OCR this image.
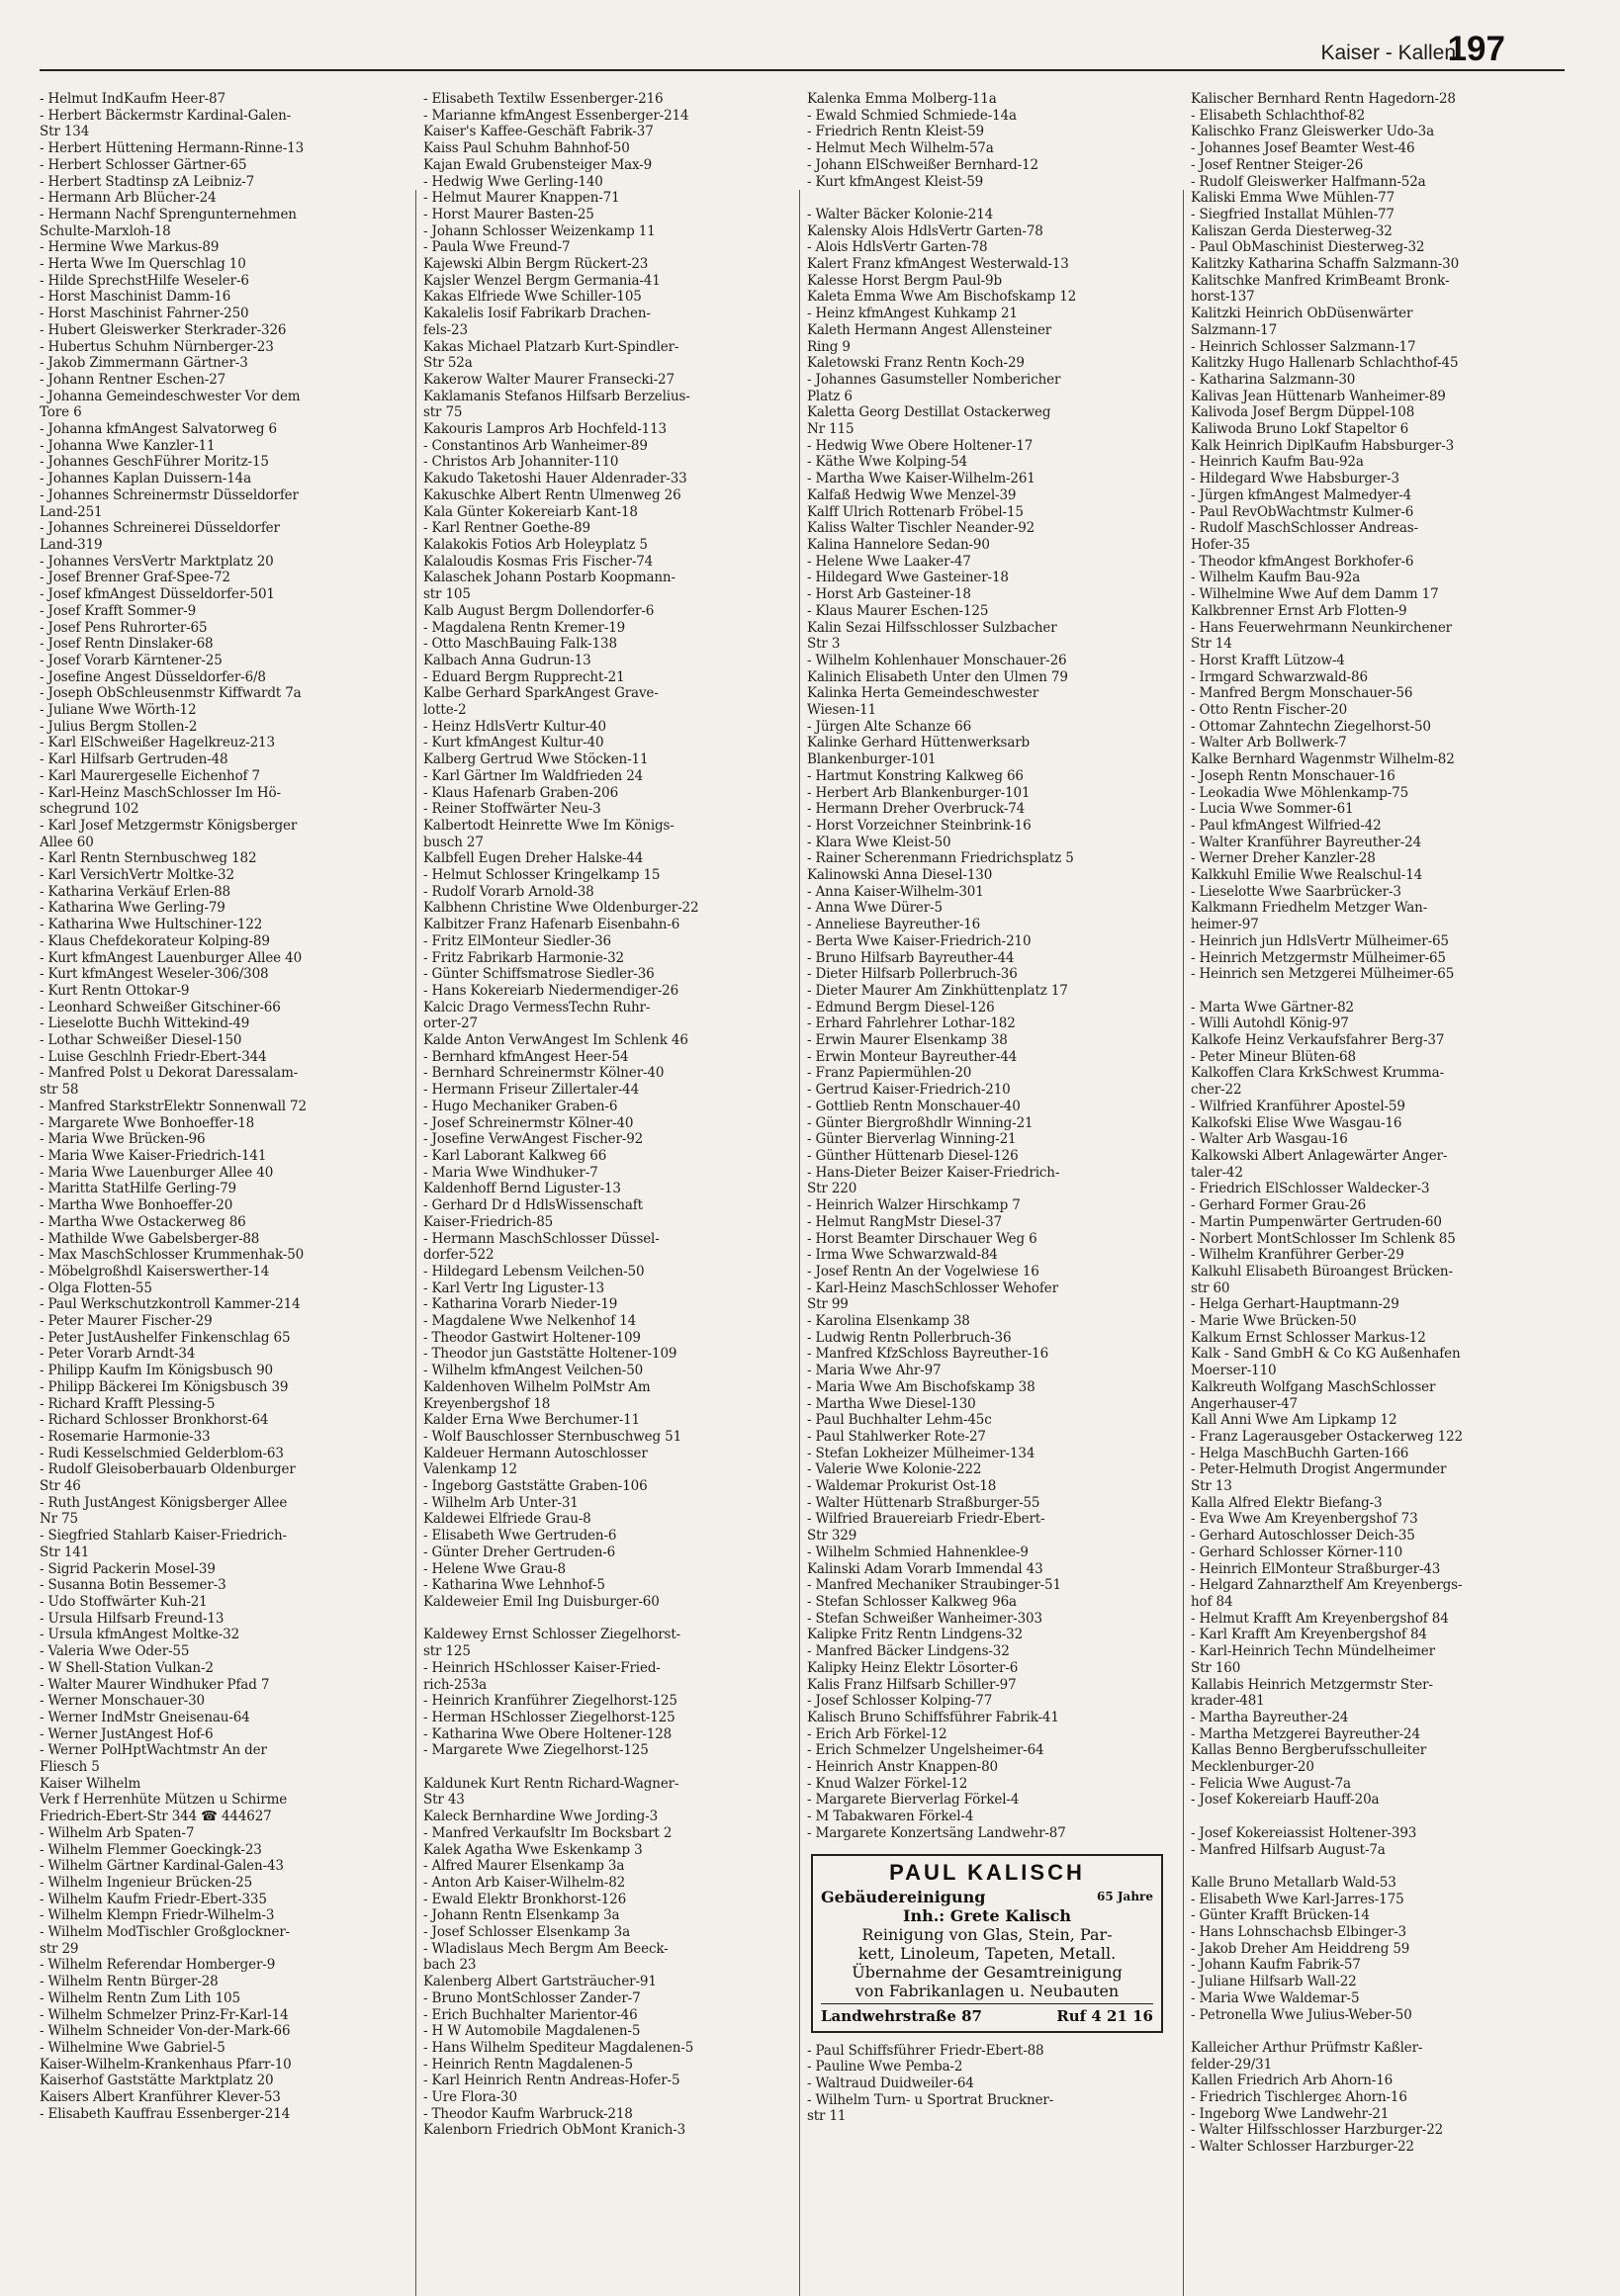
Kaiser - Kallen
197
- Helmut IndKaufm Heer-87
- Herbert Bäckermstr Kardinal-Galen-
Str 134
- Herbert Hüttening Hermann-Rinne-13
- Herbert Schlosser Gärtner-65
- Herbert Stadtinsp zA Leibniz-7
- Hermann Arb Blücher-24
- Hermann Nachf Sprengunternehmen
Schulte-Marxloh-18
- Hermine Wwe Markus-89
- Herta Wwe Im Querschlag 10
- Hilde SprechstHilfe Weseler-6
- Horst Maschinist Damm-16
- Horst Maschinist Fahrner-250
- Hubert Gleiswerker Sterkrader-326
- Hubertus Schuhm Nürnberger-23
- Jakob Zimmermann Gärtner-3
- Johann Rentner Eschen-27
- Johanna Gemeindeschwester Vor dem
Tore 6
- Johanna kfmAngest Salvatorweg 6
- Johanna Wwe Kanzler-11
- Johannes GeschFührer Moritz-15
- Johannes Kaplan Duissern-14a
- Johannes Schreinermstr Düsseldorfer
Land-251
- Johannes Schreinerei Düsseldorfer
Land-319
- Johannes VersVertr Marktplatz 20
- Josef Brenner Graf-Spee-72
- Josef kfmAngest Düsseldorfer-501
- Josef Krafft Sommer-9
- Josef Pens Ruhrorter-65
- Josef Rentn Dinslaker-68
- Josef Vorarb Kärntener-25
- Josefine Angest Düsseldorfer-6/8
- Joseph ObSchleusenmstr Kiffwardt 7a
- Juliane Wwe Wörth-12
- Julius Bergm Stollen-2
- Karl ElSchweißer Hagelkreuz-213
- Karl Hilfsarb Gertruden-48
- Karl Maurergeselle Eichenhof 7
- Karl-Heinz MaschSchlosser Im Hö-
schegrund 102
- Karl Josef Metzgermstr Königsberger
Allee 60
- Karl Rentn Sternbuschweg 182
- Karl VersichVertr Moltke-32
- Katharina Verkäuf Erlen-88
- Katharina Wwe Gerling-79
- Katharina Wwe Hultschiner-122
- Klaus Chefdekorateur Kolping-89
- Kurt kfmAngest Lauenburger Allee 40
- Kurt kfmAngest Weseler-306/308
- Kurt Rentn Ottokar-9
- Leonhard Schweißer Gitschiner-66
- Lieselotte Buchh Wittekind-49
- Lothar Schweißer Diesel-150
- Luise Geschlnh Friedr-Ebert-344
- Manfred Polst u Dekorat Daressalam-
str 58
- Manfred StarkstrElektr Sonnenwall 72
- Margarete Wwe Bonhoeffer-18
- Maria Wwe Brücken-96
- Maria Wwe Kaiser-Friedrich-141
- Maria Wwe Lauenburger Allee 40
- Maritta StatHilfe Gerling-79
- Martha Wwe Bonhoeffer-20
- Martha Wwe Ostackerweg 86
- Mathilde Wwe Gabelsberger-88
- Max MaschSchlosser Krummenhak-50
- Möbelgroßhdl Kaiserswerther-14
- Olga Flotten-55
- Paul Werkschutzkontroll Kammer-214
- Peter Maurer Fischer-29
- Peter JustAushelfer Finkenschlag 65
- Peter Vorarb Arndt-34
- Philipp Kaufm Im Königsbusch 90
- Philipp Bäckerei Im Königsbusch 39
- Richard Krafft Plessing-5
- Richard Schlosser Bronkhorst-64
- Rosemarie Harmonie-33
- Rudi Kesselschmied Gelderblom-63
- Rudolf Gleisoberbauarb Oldenburger
Str 46
- Ruth JustAngest Königsberger Allee
Nr 75
- Siegfried Stahlarb Kaiser-Friedrich-
Str 141
- Sigrid Packerin Mosel-39
- Susanna Botin Bessemer-3
- Udo Stoffwärter Kuh-21
- Ursula Hilfsarb Freund-13
- Ursula kfmAngest Moltke-32
- Valeria Wwe Oder-55
- W Shell-Station Vulkan-2
- Walter Maurer Windhuker Pfad 7
- Werner Monschauer-30
- Werner IndMstr Gneisenau-64
- Werner JustAngest Hof-6
- Werner PolHptWachtmstr An der
Fliesch 5
Kaiser Wilhelm
Verk f Herrenhüte Mützen u Schirme
Friedrich-Ebert-Str 344 ☎ 444627
- Wilhelm Arb Spaten-7
- Wilhelm Flemmer Goeckingk-23
- Wilhelm Gärtner Kardinal-Galen-43
- Wilhelm Ingenieur Brücken-25
- Wilhelm Kaufm Friedr-Ebert-335
- Wilhelm Klempn Friedr-Wilhelm-3
- Wilhelm ModTischler Großglockner-
str 29
- Wilhelm Referendar Homberger-9
- Wilhelm Rentn Bürger-28
- Wilhelm Rentn Zum Lith 105
- Wilhelm Schmelzer Prinz-Fr-Karl-14
- Wilhelm Schneider Von-der-Mark-66
- Wilhelmine Wwe Gabriel-5
Kaiser-Wilhelm-Krankenhaus Pfarr-10
Kaiserhof Gaststätte Marktplatz 20
Kaisers Albert Kranführer Klever-53
- Elisabeth Kauffrau Essenberger-214
- Elisabeth Textilw Essenberger-216
- Marianne kfmAngest Essenberger-214
Kaiser's Kaffee-Geschäft Fabrik-37
Kaiss Paul Schuhm Bahnhof-50
Kajan Ewald Grubensteiger Max-9
- Hedwig Wwe Gerling-140
- Helmut Maurer Knappen-71
- Horst Maurer Basten-25
- Johann Schlosser Weizenkamp 11
- Paula Wwe Freund-7
Kajewski Albin Bergm Rückert-23
Kajsler Wenzel Bergm Germania-41
Kakas Elfriede Wwe Schiller-105
Kakalelis Iosif Fabrikarb Drachen-
fels-23
Kakas Michael Platzarb Kurt-Spindler-
Str 52a
Kakerow Walter Maurer Fransecki-27
Kaklamanis Stefanos Hilfsarb Berzelius-
str 75
Kakouris Lampros Arb Hochfeld-113
- Constantinos Arb Wanheimer-89
- Christos Arb Johanniter-110
Kakudo Taketoshi Hauer Aldenrader-33
Kakuschke Albert Rentn Ulmenweg 26
Kala Günter Kokereiarb Kant-18
- Karl Rentner Goethe-89
Kalakokis Fotios Arb Holeyplatz 5
Kalaloudis Kosmas Fris Fischer-74
Kalaschek Johann Postarb Koopmann-
str 105
Kalb August Bergm Dollendorfer-6
- Magdalena Rentn Kremer-19
- Otto MaschBauing Falk-138
Kalbach Anna Gudrun-13
- Eduard Bergm Rupprecht-21
Kalbe Gerhard SparkAngest Grave-
lotte-2
- Heinz HdlsVertr Kultur-40
- Kurt kfmAngest Kultur-40
Kalberg Gertrud Wwe Stöcken-11
- Karl Gärtner Im Waldfrieden 24
- Klaus Hafenarb Graben-206
- Reiner Stoffwärter Neu-3
Kalbertodt Heinrette Wwe Im Königs-
busch 27
Kalbfell Eugen Dreher Halske-44
- Helmut Schlosser Kringelkamp 15
- Rudolf Vorarb Arnold-38
Kalbhenn Christine Wwe Oldenburger-22
Kalbitzer Franz Hafenarb Eisenbahn-6
- Fritz ElMonteur Siedler-36
- Fritz Fabrikarb Harmonie-32
- Günter Schiffsmatrose Siedler-36
- Hans Kokereiarb Niedermendiger-26
Kalcic Drago VermessTechn Ruhr-
orter-27
Kalde Anton VerwAngest Im Schlenk 46
- Bernhard kfmAngest Heer-54
- Bernhard Schreinermstr Kölner-40
- Hermann Friseur Zillertaler-44
- Hugo Mechaniker Graben-6
- Josef Schreinermstr Kölner-40
- Josefine VerwAngest Fischer-92
- Karl Laborant Kalkweg 66
- Maria Wwe Windhuker-7
Kaldenhoff Bernd Liguster-13
- Gerhard Dr d HdlsWissenschaft
Kaiser-Friedrich-85
- Hermann MaschSchlosser Düssel-
dorfer-522
- Hildegard Lebensm Veilchen-50
- Karl Vertr Ing Liguster-13
- Katharina Vorarb Nieder-19
- Magdalene Wwe Nelkenhof 14
- Theodor Gastwirt Holtener-109
- Theodor jun Gaststätte Holtener-109
- Wilhelm kfmAngest Veilchen-50
Kaldenhoven Wilhelm PolMstr Am
Kreyenbergshof 18
Kalder Erna Wwe Berchumer-11
- Wolf Bauschlosser Sternbuschweg 51
Kaldeuer Hermann Autoschlosser
Valenkamp 12
- Ingeborg Gaststätte Graben-106
- Wilhelm Arb Unter-31
Kaldewei Elfriede Grau-8
- Elisabeth Wwe Gertruden-6
- Günter Dreher Gertruden-6
- Helene Wwe Grau-8
- Katharina Wwe Lehnhof-5
Kaldeweier Emil Ing Duisburger-60

Kaldewey Ernst Schlosser Ziegelhorst-
str 125
- Heinrich HSchlosser Kaiser-Fried-
rich-253a
- Heinrich Kranführer Ziegelhorst-125
- Herman HSchlosser Ziegelhorst-125
- Katharina Wwe Obere Holtener-128
- Margarete Wwe Ziegelhorst-125

Kaldunek Kurt Rentn Richard-Wagner-
Str 43
Kaleck Bernhardine Wwe Jording-3
- Manfred Verkaufsltr Im Bocksbart 2
Kalek Agatha Wwe Eskenkamp 3
- Alfred Maurer Elsenkamp 3a
- Anton Arb Kaiser-Wilhelm-82
- Ewald Elektr Bronkhorst-126
- Johann Rentn Elsenkamp 3a
- Josef Schlosser Elsenkamp 3a
- Wladislaus Mech Bergm Am Beeck-
bach 23
Kalenberg Albert Gartsträucher-91
- Bruno MontSchlosser Zander-7
- Erich Buchhalter Marientor-46
- H W Automobile Magdalenen-5
- Hans Wilhelm Spediteur Magdalenen-5
- Heinrich Rentn Magdalenen-5
- Karl Heinrich Rentn Andreas-Hofer-5
- Ure Flora-30
- Theodor Kaufm Warbruck-218
Kalenborn Friedrich ObMont Kranich-3
Kalenka Emma Molberg-11a
- Ewald Schmied Schmiede-14a
- Friedrich Rentn Kleist-59
- Helmut Mech Wilhelm-57a
- Johann ElSchweißer Bernhard-12
- Kurt kfmAngest Kleist-59

- Walter Bäcker Kolonie-214
Kalensky Alois HdlsVertr Garten-78
- Alois HdlsVertr Garten-78
Kalert Franz kfmAngest Westerwald-13
Kalesse Horst Bergm Paul-9b
Kaleta Emma Wwe Am Bischofskamp 12
- Heinz kfmAngest Kuhkamp 21
Kaleth Hermann Angest Allensteiner
Ring 9
Kaletowski Franz Rentn Koch-29
- Johannes Gasumsteller Nombericher
Platz 6
Kaletta Georg Destillat Ostackerweg
Nr 115
- Hedwig Wwe Obere Holtener-17
- Käthe Wwe Kolping-54
- Martha Wwe Kaiser-Wilhelm-261
Kalfaß Hedwig Wwe Menzel-39
Kalff Ulrich Rottenarb Fröbel-15
Kaliss Walter Tischler Neander-92
Kalina Hannelore Sedan-90
- Helene Wwe Laaker-47
- Hildegard Wwe Gasteiner-18
- Horst Arb Gasteiner-18
- Klaus Maurer Eschen-125
Kalin Sezai Hilfsschlosser Sulzbacher
Str 3
- Wilhelm Kohlenhauer Monschauer-26
Kalinich Elisabeth Unter den Ulmen 79
Kalinka Herta Gemeindeschwester
Wiesen-11
- Jürgen Alte Schanze 66
Kalinke Gerhard Hüttenwerksarb
Blankenburger-101
- Hartmut Konstring Kalkweg 66
- Herbert Arb Blankenburger-101
- Hermann Dreher Overbruck-74
- Horst Vorzeichner Steinbrink-16
- Klara Wwe Kleist-50
- Rainer Scherenmann Friedrichsplatz 5
Kalinowski Anna Diesel-130
- Anna Kaiser-Wilhelm-301
- Anna Wwe Dürer-5
- Anneliese Bayreuther-16
- Berta Wwe Kaiser-Friedrich-210
- Bruno Hilfsarb Bayreuther-44
- Dieter Hilfsarb Pollerbruch-36
- Dieter Maurer Am Zinkhüttenplatz 17
- Edmund Bergm Diesel-126
- Erhard Fahrlehrer Lothar-182
- Erwin Maurer Elsenkamp 38
- Erwin Monteur Bayreuther-44
- Franz Papiermühlen-20
- Gertrud Kaiser-Friedrich-210
- Gottlieb Rentn Monschauer-40
- Günter Biergroßhdlr Winning-21
- Günter Bierverlag Winning-21
- Günther Hüttenarb Diesel-126
- Hans-Dieter Beizer Kaiser-Friedrich-
Str 220
- Heinrich Walzer Hirschkamp 7
- Helmut RangMstr Diesel-37
- Horst Beamter Dirschauer Weg 6
- Irma Wwe Schwarzwald-84
- Josef Rentn An der Vogelwiese 16
- Karl-Heinz MaschSchlosser Wehofer
Str 99
- Karolina Elsenkamp 38
- Ludwig Rentn Pollerbruch-36
- Manfred KfzSchloss Bayreuther-16
- Maria Wwe Ahr-97
- Maria Wwe Am Bischofskamp 38
- Martha Wwe Diesel-130
- Paul Buchhalter Lehm-45c
- Paul Stahlwerker Rote-27
- Stefan Lokheizer Mülheimer-134
- Valerie Wwe Kolonie-222
- Waldemar Prokurist Ost-18
- Walter Hüttenarb Straßburger-55
- Wilfried Brauereiarb Friedr-Ebert-
Str 329
- Wilhelm Schmied Hahnenklee-9
Kalinski Adam Vorarb Immendal 43
- Manfred Mechaniker Straubinger-51
- Stefan Schlosser Kalkweg 96a
- Stefan Schweißer Wanheimer-303
Kalipke Fritz Rentn Lindgens-32
- Manfred Bäcker Lindgens-32
Kalipky Heinz Elektr Lösorter-6
Kalis Franz Hilfsarb Schiller-97
- Josef Schlosser Kolping-77
Kalisch Bruno Schiffsführer Fabrik-41
- Erich Arb Förkel-12
- Erich Schmelzer Ungelsheimer-64
- Heinrich Anstr Knappen-80
- Knud Walzer Förkel-12
- Margarete Bierverlag Förkel-4
- M Tabakwaren Förkel-4
- Margarete Konzertsäng Landwehr-87
PAUL KALISCH
Gebäudereinigung	65 Jahre
Inh.: Grete Kalisch
Reinigung von Glas, Stein, Par-
kett, Linoleum, Tapeten, Metall.
Übernahme der Gesamtreinigung
von Fabrikanlagen u. Neubauten
Landwehrstraße 87	Ruf 4 21 16
- Paul Schiffsführer Friedr-Ebert-88
- Pauline Wwe Pemba-2
- Waltraud Duidweiler-64
- Wilhelm Turn- u Sportrat Bruckner-
str 11
Kalischer Bernhard Rentn Hagedorn-28
- Elisabeth Schlachthof-82
Kalischko Franz Gleiswerker Udo-3a
- Johannes Josef Beamter West-46
- Josef Rentner Steiger-26
- Rudolf Gleiswerker Halfmann-52a
Kaliski Emma Wwe Mühlen-77
- Siegfried Installat Mühlen-77
Kaliszan Gerda Diesterweg-32
- Paul ObMaschinist Diesterweg-32
Kalitzky Katharina Schaffn Salzmann-30
Kalitschke Manfred KrimBeamt Bronk-
horst-137
Kalitzki Heinrich ObDüsenwärter
Salzmann-17
- Heinrich Schlosser Salzmann-17
Kalitzky Hugo Hallenarb Schlachthof-45
- Katharina Salzmann-30
Kalivas Jean Hüttenarb Wanheimer-89
Kalivoda Josef Bergm Düppel-108
Kaliwoda Bruno Lokf Stapeltor 6
Kalk Heinrich DiplKaufm Habsburger-3
- Heinrich Kaufm Bau-92a
- Hildegard Wwe Habsburger-3
- Jürgen kfmAngest Malmedyer-4
- Paul RevObWachtmstr Kulmer-6
- Rudolf MaschSchlosser Andreas-
Hofer-35
- Theodor kfmAngest Borkhofer-6
- Wilhelm Kaufm Bau-92a
- Wilhelmine Wwe Auf dem Damm 17
Kalkbrenner Ernst Arb Flotten-9
- Hans Feuerwehrmann Neunkirchener
Str 14
- Horst Krafft Lützow-4
- Irmgard Schwarzwald-86
- Manfred Bergm Monschauer-56
- Otto Rentn Fischer-20
- Ottomar Zahntechn Ziegelhorst-50
- Walter Arb Bollwerk-7
Kalke Bernhard Wagenmstr Wilhelm-82
- Joseph Rentn Monschauer-16
- Leokadia Wwe Möhlenkamp-75
- Lucia Wwe Sommer-61
- Paul kfmAngest Wilfried-42
- Walter Kranführer Bayreuther-24
- Werner Dreher Kanzler-28
Kalkkuhl Emilie Wwe Realschul-14
- Lieselotte Wwe Saarbrücker-3
Kalkmann Friedhelm Metzger Wan-
heimer-97
- Heinrich jun HdlsVertr Mülheimer-65
- Heinrich Metzgermstr Mülheimer-65
- Heinrich sen Metzgerei Mülheimer-65

- Marta Wwe Gärtner-82
- Willi Autohdl König-97
Kalkofe Heinz Verkaufsfahrer Berg-37
- Peter Mineur Blüten-68
Kalkoffen Clara KrkSchwest Krumma-
cher-22
- Wilfried Kranführer Apostel-59
Kalkofski Elise Wwe Wasgau-16
- Walter Arb Wasgau-16
Kalkowski Albert Anlagewärter Anger-
taler-42
- Friedrich ElSchlosser Waldecker-3
- Gerhard Former Grau-26
- Martin Pumpenwärter Gertruden-60
- Norbert MontSchlosser Im Schlenk 85
- Wilhelm Kranführer Gerber-29
Kalkuhl Elisabeth Büroangest Brücken-
str 60
- Helga Gerhart-Hauptmann-29
- Marie Wwe Brücken-50
Kalkum Ernst Schlosser Markus-12
Kalk - Sand GmbH & Co KG Außenhafen
Moerser-110
Kalkreuth Wolfgang MaschSchlosser
Angerhauser-47
Kall Anni Wwe Am Lipkamp 12
- Franz Lagerausgeber Ostackerweg 122
- Helga MaschBuchh Garten-166
- Peter-Helmuth Drogist Angermunder
Str 13
Kalla Alfred Elektr Biefang-3
- Eva Wwe Am Kreyenbergshof 73
- Gerhard Autoschlosser Deich-35
- Gerhard Schlosser Körner-110
- Heinrich ElMonteur Straßburger-43
- Helgard Zahnarzthelf Am Kreyenbergs-
hof 84
- Helmut Krafft Am Kreyenbergshof 84
- Karl Krafft Am Kreyenbergshof 84
- Karl-Heinrich Techn Mündelheimer
Str 160
Kallabis Heinrich Metzgermstr Ster-
krader-481
- Martha Bayreuther-24
- Martha Metzgerei Bayreuther-24
Kallas Benno Bergberufsschulleiter
Mecklenburger-20
- Felicia Wwe August-7a
- Josef Kokereiarb Hauff-20a

- Josef Kokereiassist Holtener-393
- Manfred Hilfsarb August-7a

Kalle Bruno Metallarb Wald-53
- Elisabeth Wwe Karl-Jarres-175
- Günter Krafft Brücken-14
- Hans Lohnschachsb Elbinger-3
- Jakob Dreher Am Heiddreng 59
- Johann Kaufm Fabrik-57
- Juliane Hilfsarb Wall-22
- Maria Wwe Waldemar-5
- Petronella Wwe Julius-Weber-50

Kalleicher Arthur Prüfmstr Kaßler-
felder-29/31
Kallen Friedrich Arb Ahorn-16
- Friedrich Tischlergeε Ahorn-16
- Ingeborg Wwe Landwehr-21
- Walter Hilfsschlosser Harzburger-22
- Walter Schlosser Harzburger-22
